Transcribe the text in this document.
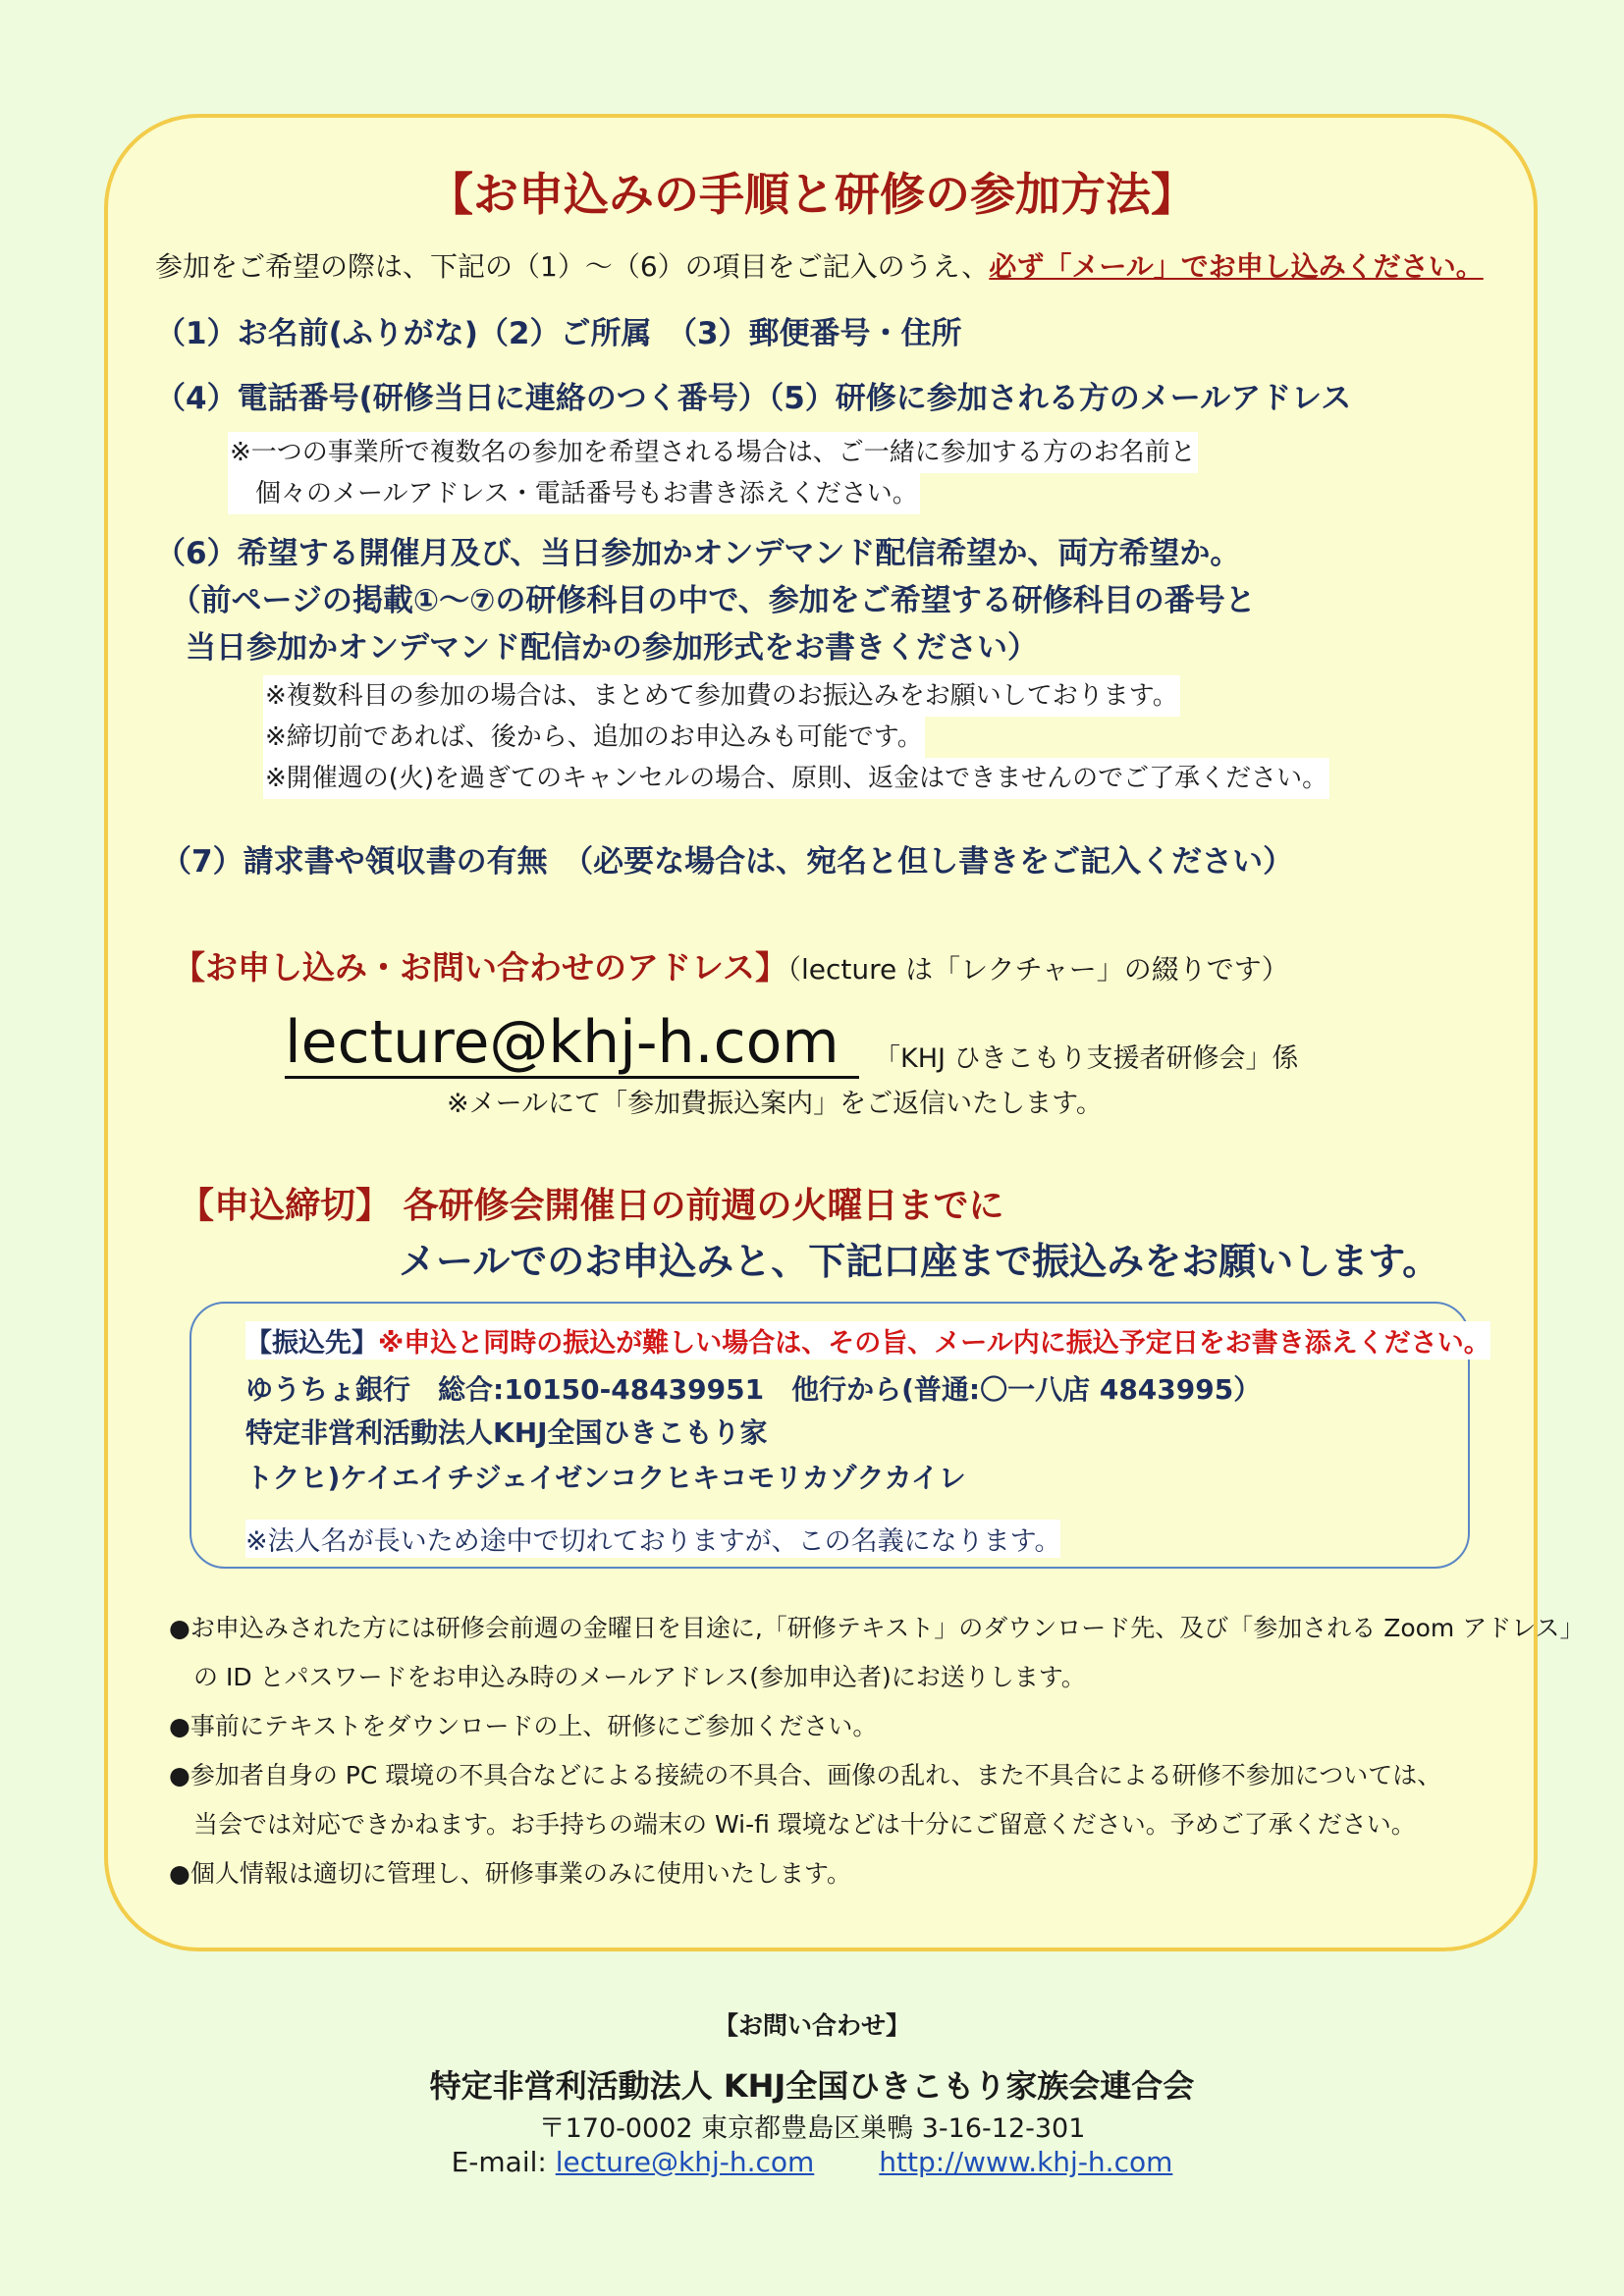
【お申込みの手順と研修の参加方法】
参加をご希望の際は、下記の（1）～（6）の項目をご記入のうえ、必ず「メール」でお申し込みください。
（1）お名前(ふりがな)（2）ご所属　（3）郵便番号・住所
（4）電話番号(研修当日に連絡のつく番号）（5）研修に参加される方のメールアドレス
※一つの事業所で複数名の参加を希望される場合は、ご一緒に参加する方のお名前と
　個々のメールアドレス・電話番号もお書き添えください。
（6）希望する開催月及び、当日参加かオンデマンド配信希望か、両方希望か。
　（前ページの掲載①～⑦の研修科目の中で、参加をご希望する研修科目の番号と
　当日参加かオンデマンド配信かの参加形式をお書きください）
※複数科目の参加の場合は、まとめて参加費のお振込みをお願いしております。
※締切前であれば、後から、追加のお申込みも可能です。
※開催週の(火)を過ぎてのキャンセルの場合、原則、返金はできませんのでご了承ください。
（7）請求書や領収書の有無　（必要な場合は、宛名と但し書きをご記入ください）
【お申し込み・お問い合わせのアドレス】（lecture は「レクチャー」の綴りです）
lecture@khj-h.com	「KHJ ひきこもり支援者研修会」係
※メールにて「参加費振込案内」をご返信いたします。
【申込締切】 各研修会開催日の前週の火曜日までに
メールでのお申込みと、下記口座まで振込みをお願いします。
【振込先】※申込と同時の振込が難しい場合は、その旨、メール内に振込予定日をお書き添えください。
ゆうちょ銀行　総合:10150-48439951　他行から(普通:〇一八店 4843995）
特定非営利活動法人KHJ全国ひきこもり家
トクヒ)ケイエイチジェイゼンコクヒキコモリカゾクカイレ
※法人名が長いため途中で切れておりますが、この名義になります。
●お申込みされた方には研修会前週の金曜日を目途に,「研修テキスト」のダウンロード先、及び「参加される Zoom アドレス」
　の ID とパスワードをお申込み時のメールアドレス(参加申込者)にお送りします。
●事前にテキストをダウンロードの上、研修にご参加ください。
●参加者自身の PC 環境の不具合などによる接続の不具合、画像の乱れ、また不具合による研修不参加については、
　当会では対応できかねます。お手持ちの端末の Wi-fi 環境などは十分にご留意ください。予めご了承ください。
●個人情報は適切に管理し、研修事業のみに使用いたします。
【お問い合わせ】
特定非営利活動法人 KHJ全国ひきこもり家族会連合会
〒170-0002 東京都豊島区巣鴨 3-16-12-301
E-mail: lecture@khj-h.com http://www.khj-h.com
